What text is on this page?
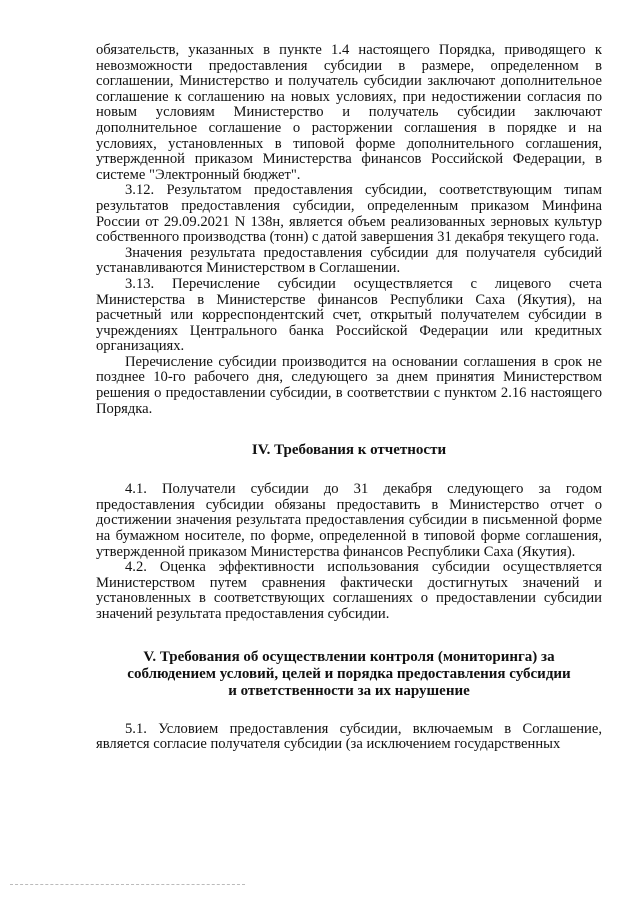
обязательств, указанных в пункте 1.4 настоящего Порядка, приводящего к невозможности предоставления субсидии в размере, определенном в соглашении, Министерство и получатель субсидии заключают дополнительное соглашение к соглашению на новых условиях, при недостижении согласия по новым условиям Министерство и получатель субсидии заключают дополнительное соглашение о расторжении соглашения в порядке и на условиях, установленных в типовой форме дополнительного соглашения, утвержденной приказом Министерства финансов Российской Федерации, в системе "Электронный бюджет".

3.12. Результатом предоставления субсидии, соответствующим типам результатов предоставления субсидии, определенным приказом Минфина России от 29.09.2021 N 138н, является объем реализованных зерновых культур собственного производства (тонн) с датой завершения 31 декабря текущего года.

Значения результата предоставления субсидии для получателя субсидий устанавливаются Министерством в Соглашении.

3.13. Перечисление субсидии осуществляется с лицевого счета Министерства в Министерстве финансов Республики Саха (Якутия), на расчетный или корреспондентский счет, открытый получателем субсидии в учреждениях Центрального банка Российской Федерации или кредитных организациях.

Перечисление субсидии производится на основании соглашения в срок не позднее 10-го рабочего дня, следующего за днем принятия Министерством решения о предоставлении субсидии, в соответствии с пунктом 2.16 настоящего Порядка.

IV. Требования к отчетности

4.1. Получатели субсидии до 31 декабря следующего за годом предоставления субсидии обязаны предоставить в Министерство отчет о достижении значения результата предоставления субсидии в письменной форме на бумажном носителе, по форме, определенной в типовой форме соглашения, утвержденной приказом Министерства финансов Республики Саха (Якутия).

4.2. Оценка эффективности использования субсидии осуществляется Министерством путем сравнения фактически достигнутых значений и установленных в соответствующих соглашениях о предоставлении субсидии значений результата предоставления субсидии.

V. Требования об осуществлении контроля (мониторинга) за

соблюдением условий, целей и порядка предоставления субсидии

и ответственности за их нарушение

5.1. Условием предоставления субсидии, включаемым в Соглашение, является согласие получателя субсидии (за исключением государственных
